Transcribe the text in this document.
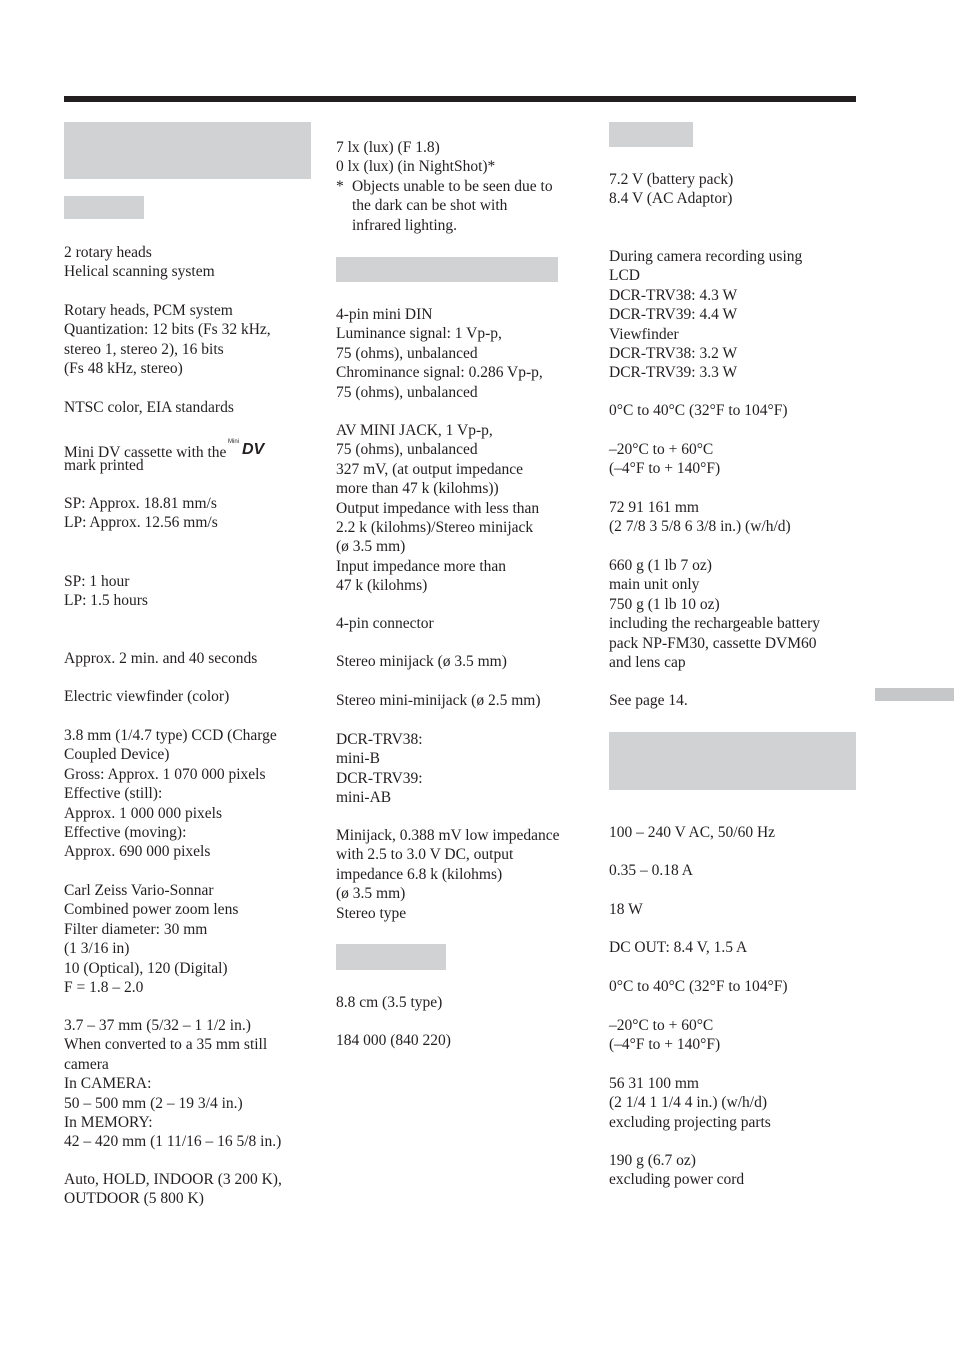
2 rotary heads
Helical scanning system
Rotary heads, PCM system
Quantization: 12 bits (Fs 32 kHz,
stereo 1, stereo 2), 16 bits
(Fs 48 kHz, stereo)
NTSC color, EIA standards
Mini DV cassette with the
Mini DV
mark printed
SP: Approx. 18.81 mm/s
LP: Approx. 12.56 mm/s
SP: 1 hour
LP: 1.5 hours
Approx. 2 min. and 40 seconds
Electric viewfinder (color)
3.8 mm (1/4.7 type) CCD (Charge
Coupled Device)
Gross: Approx. 1 070 000 pixels
Effective (still):
Approx. 1 000 000 pixels
Effective (moving):
Approx. 690 000 pixels
Carl Zeiss Vario-Sonnar
Combined power zoom lens
Filter diameter: 30 mm
(1 3/16 in)
10 (Optical), 120 (Digital)
F = 1.8 – 2.0
3.7 – 37 mm (5/32 – 1 1/2 in.)
When converted to a 35 mm still
camera
In CAMERA:
50 – 500 mm (2 – 19 3/4 in.)
In MEMORY:
42 – 420 mm (1 11/16 – 16 5/8 in.)
Auto, HOLD, INDOOR (3 200 K),
OUTDOOR (5 800 K)
7 lx (lux) (F 1.8)
0 lx (lux) (in NightShot)*
* Objects unable to be seen due to
the dark can be shot with
infrared lighting.
4-pin mini DIN
Luminance signal: 1 Vp-p,
75 (ohms), unbalanced
Chrominance signal: 0.286 Vp-p,
75 (ohms), unbalanced
AV MINI JACK, 1 Vp-p,
75 (ohms), unbalanced
327 mV, (at output impedance
more than 47 k (kilohms))
Output impedance with less than
2.2 k (kilohms)/Stereo minijack
(ø 3.5 mm)
Input impedance more than
47 k (kilohms)
4-pin connector
Stereo minijack (ø 3.5 mm)
Stereo mini-minijack (ø 2.5 mm)
DCR-TRV38:
mini-B
DCR-TRV39:
mini-AB
Minijack, 0.388 mV low impedance
with 2.5 to 3.0 V DC, output
impedance 6.8 k (kilohms)
(ø 3.5 mm)
Stereo type
8.8 cm (3.5 type)
184 000 (840 220)
7.2 V (battery pack)
8.4 V (AC Adaptor)
During camera recording using
LCD
DCR-TRV38: 4.3 W
DCR-TRV39: 4.4 W
Viewfinder
DCR-TRV38: 3.2 W
DCR-TRV39: 3.3 W
0°C to 40°C (32°F to 104°F)
–20°C to + 60°C
(–4°F to + 140°F)
72 91 161 mm
(2 7/8 3 5/8 6 3/8 in.) (w/h/d)
660 g (1 lb 7 oz)
main unit only
750 g (1 lb 10 oz)
including the rechargeable battery
pack NP-FM30, cassette DVM60
and lens cap
See page 14.
100 – 240 V AC, 50/60 Hz
0.35 – 0.18 A
18 W
DC OUT: 8.4 V, 1.5 A
0°C to 40°C (32°F to 104°F)
–20°C to + 60°C
(–4°F to + 140°F)
56 31 100 mm
(2 1/4 1 1/4 4 in.) (w/h/d)
excluding projecting parts
190 g (6.7 oz)
excluding power cord
